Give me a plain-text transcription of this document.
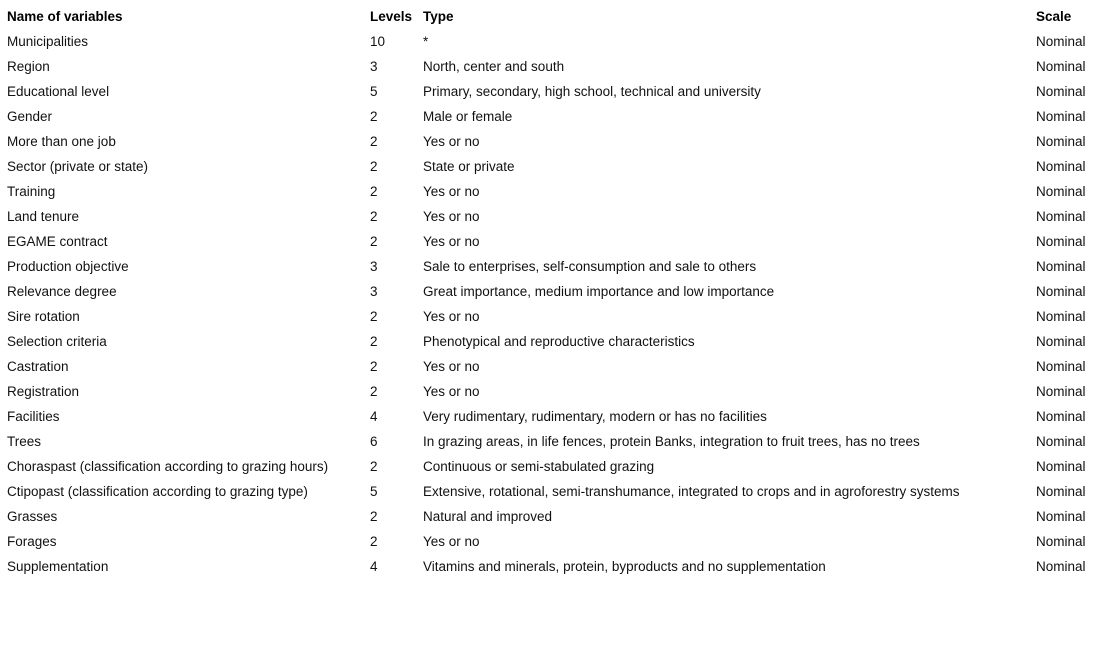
Name of variables	Levels	Type	Scale
Municipalities	10	*	Nominal
Region	3	North, center and south	Nominal
Educational level	5	Primary, secondary, high school, technical and university	Nominal
Gender	2	Male or female	Nominal
More than one job	2	Yes or no	Nominal
Sector (private or state)	2	State or private	Nominal
Training	2	Yes or no	Nominal
Land tenure	2	Yes or no	Nominal
EGAME contract	2	Yes or no	Nominal
Production objective	3	Sale to enterprises, self-consumption and sale to others	Nominal
Relevance degree	3	Great importance, medium importance and low importance	Nominal
Sire rotation	2	Yes or no	Nominal
Selection criteria	2	Phenotypical and reproductive characteristics	Nominal
Castration	2	Yes or no	Nominal
Registration	2	Yes or no	Nominal
Facilities	4	Very rudimentary, rudimentary, modern or has no facilities	Nominal
Trees	6	In grazing areas, in life fences, protein Banks, integration to fruit trees, has no trees	Nominal
Choraspast (classification according to grazing hours)	2	Continuous or semi-stabulated grazing	Nominal
Ctipopast (classification according to grazing type)	5	Extensive, rotational, semi-transhumance, integrated to crops and in agroforestry systems	Nominal
Grasses	2	Natural and improved	Nominal
Forages	2	Yes or no	Nominal
Supplementation	4	Vitamins and minerals, protein, byproducts and no supplementation	Nominal
